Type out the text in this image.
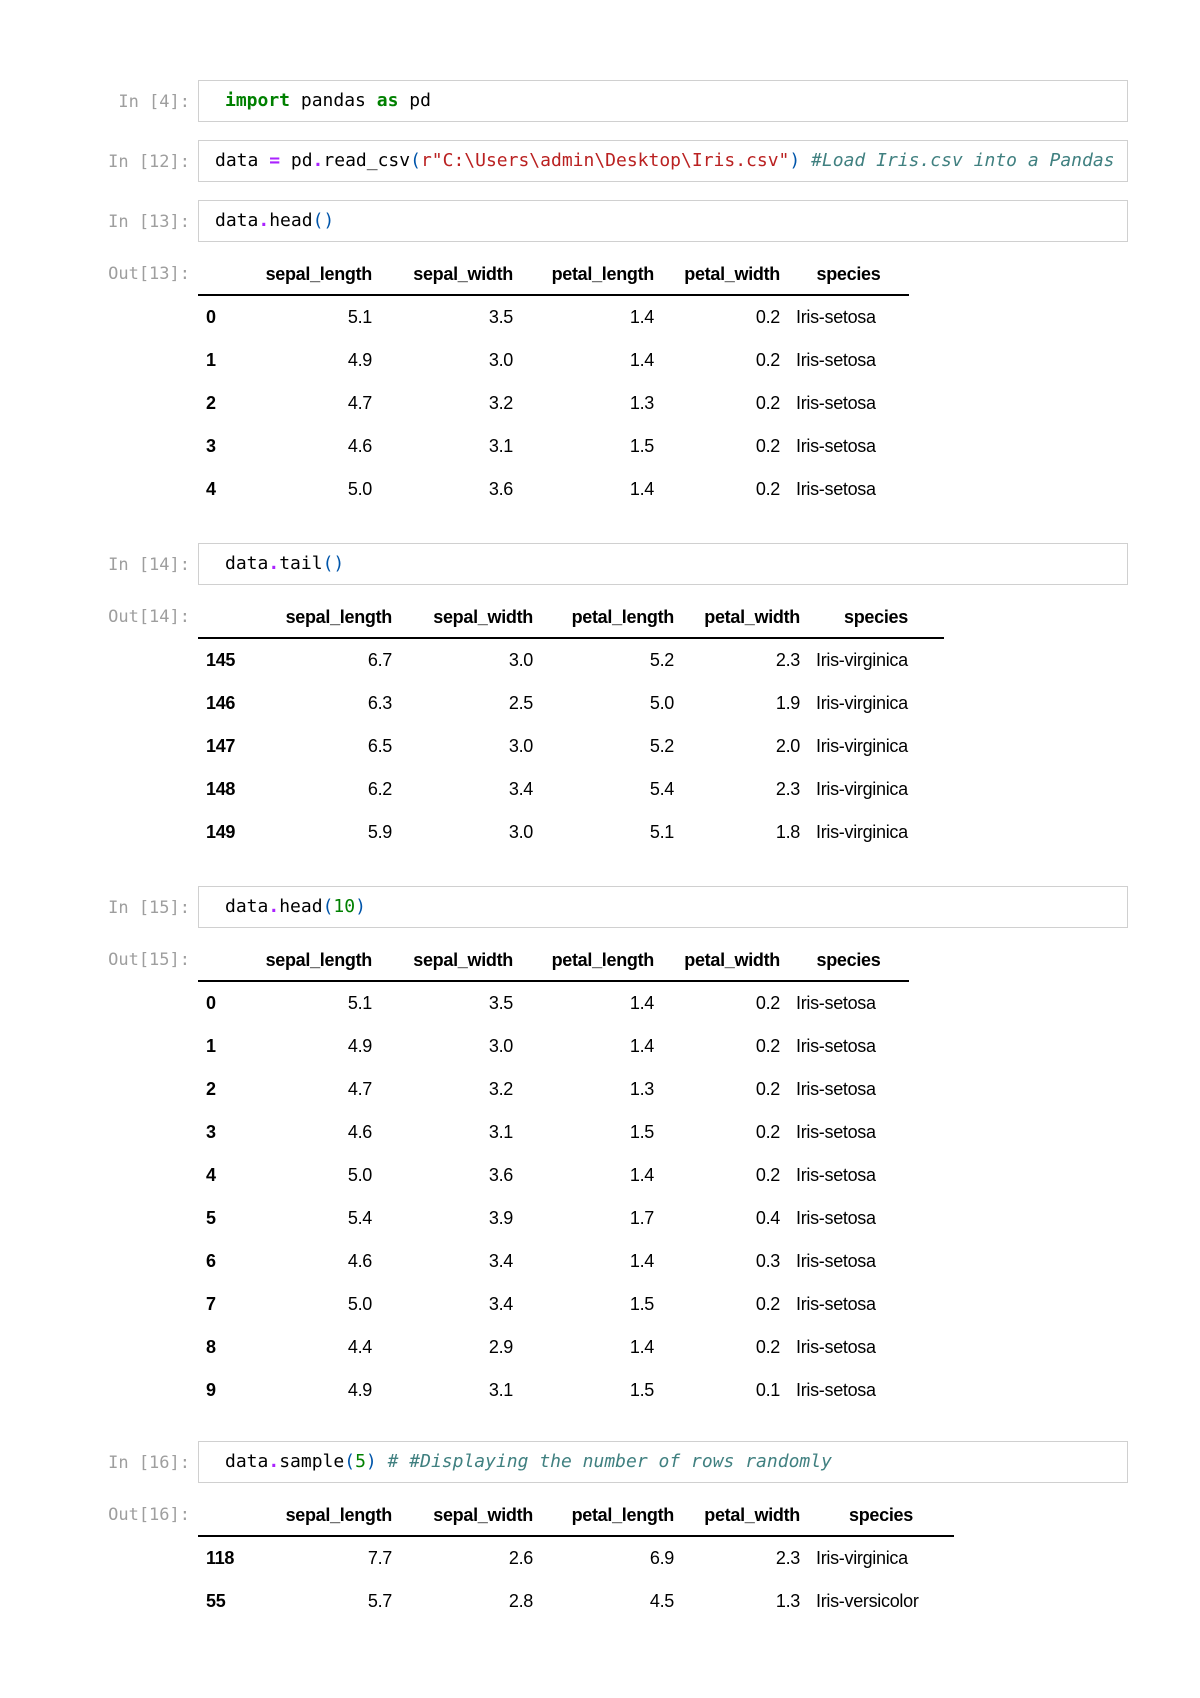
In [4]:	import pandas as pd
In [12]:	data = pd.read_csv(r"C:\Users\admin\Desktop\Iris.csv") #Load Iris.csv into a Pandas
In [13]:	data.head()
Out[13]:
		sepal_length	sepal_width	petal_length	petal_width	species
0	5.1	3.5	1.4	0.2	Iris-setosa
1	4.9	3.0	1.4	0.2	Iris-setosa
2	4.7	3.2	1.3	0.2	Iris-setosa
3	4.6	3.1	1.5	0.2	Iris-setosa
4	5.0	3.6	1.4	0.2	Iris-setosa
In [14]:	data.tail()
Out[14]:
		sepal_length	sepal_width	petal_length	petal_width	species
145	6.7	3.0	5.2	2.3	Iris-virginica
146	6.3	2.5	5.0	1.9	Iris-virginica
147	6.5	3.0	5.2	2.0	Iris-virginica
148	6.2	3.4	5.4	2.3	Iris-virginica
149	5.9	3.0	5.1	1.8	Iris-virginica
In [15]:	data.head(10)
Out[15]:
		sepal_length	sepal_width	petal_length	petal_width	species
0	5.1	3.5	1.4	0.2	Iris-setosa
1	4.9	3.0	1.4	0.2	Iris-setosa
2	4.7	3.2	1.3	0.2	Iris-setosa
3	4.6	3.1	1.5	0.2	Iris-setosa
4	5.0	3.6	1.4	0.2	Iris-setosa
5	5.4	3.9	1.7	0.4	Iris-setosa
6	4.6	3.4	1.4	0.3	Iris-setosa
7	5.0	3.4	1.5	0.2	Iris-setosa
8	4.4	2.9	1.4	0.2	Iris-setosa
9	4.9	3.1	1.5	0.1	Iris-setosa
In [16]:	data.sample(5) # #Displaying the number of rows randomly
Out[16]:
		sepal_length	sepal_width	petal_length	petal_width	species
118	7.7	2.6	6.9	2.3	Iris-virginica
55	5.7	2.8	4.5	1.3	Iris-versicolor
